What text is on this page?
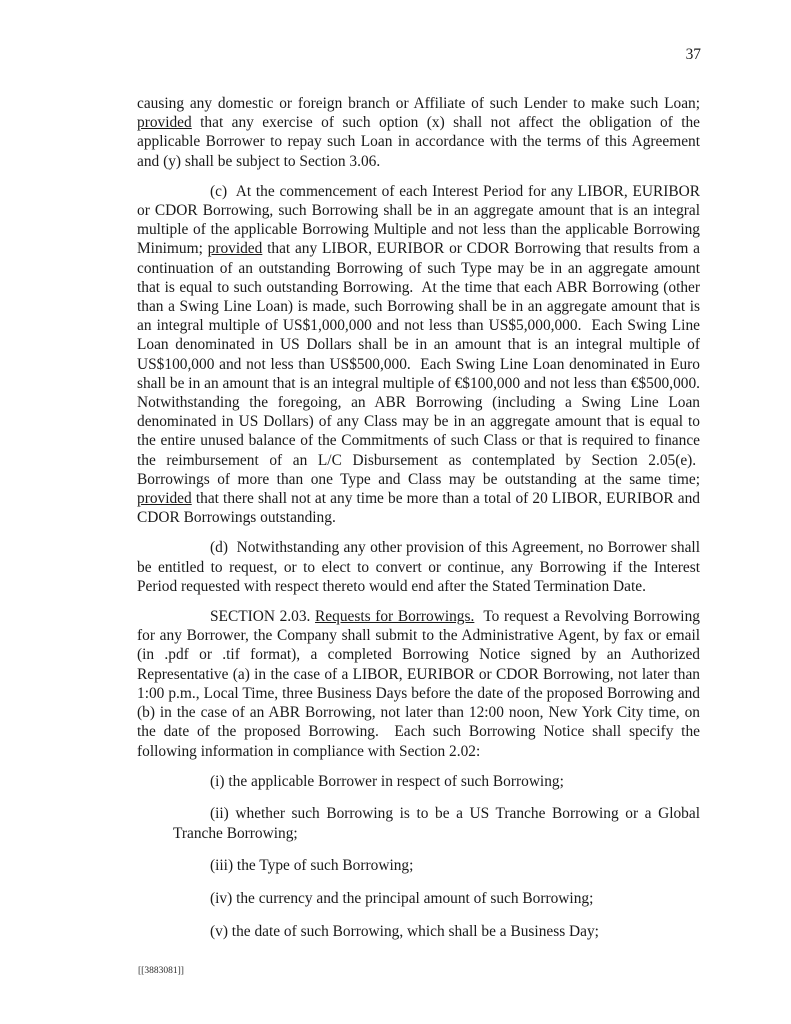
37

causing any domestic or foreign branch or Affiliate of such Lender to make such Loan; provided that any exercise of such option (x) shall not affect the obligation of the applicable Borrower to repay such Loan in accordance with the terms of this Agreement and (y) shall be subject to Section 3.06.

(c)  At the commencement of each Interest Period for any LIBOR, EURIBOR or CDOR Borrowing, such Borrowing shall be in an aggregate amount that is an integral multiple of the applicable Borrowing Multiple and not less than the applicable Borrowing Minimum; provided that any LIBOR, EURIBOR or CDOR Borrowing that results from a continuation of an outstanding Borrowing of such Type may be in an aggregate amount that is equal to such outstanding Borrowing.  At the time that each ABR Borrowing (other than a Swing Line Loan) is made, such Borrowing shall be in an aggregate amount that is an integral multiple of US$1,000,000 and not less than US$5,000,000.  Each Swing Line Loan denominated in US Dollars shall be in an amount that is an integral multiple of US$100,000 and not less than US$500,000.  Each Swing Line Loan denominated in Euro shall be in an amount that is an integral multiple of €$100,000 and not less than €$500,000. Notwithstanding the foregoing, an ABR Borrowing (including a Swing Line Loan denominated in US Dollars) of any Class may be in an aggregate amount that is equal to the entire unused balance of the Commitments of such Class or that is required to finance the reimbursement of an L/C Disbursement as contemplated by Section 2.05(e).  Borrowings of more than one Type and Class may be outstanding at the same time; provided that there shall not at any time be more than a total of 20 LIBOR, EURIBOR and CDOR Borrowings outstanding.

(d)  Notwithstanding any other provision of this Agreement, no Borrower shall be entitled to request, or to elect to convert or continue, any Borrowing if the Interest Period requested with respect thereto would end after the Stated Termination Date.

SECTION 2.03. Requests for Borrowings.  To request a Revolving Borrowing for any Borrower, the Company shall submit to the Administrative Agent, by fax or email (in .pdf or .tif format), a completed Borrowing Notice signed by an Authorized Representative (a) in the case of a LIBOR, EURIBOR or CDOR Borrowing, not later than 1:00 p.m., Local Time, three Business Days before the date of the proposed Borrowing and (b) in the case of an ABR Borrowing, not later than 12:00 noon, New York City time, on the date of the proposed Borrowing.  Each such Borrowing Notice shall specify the following information in compliance with Section 2.02:

(i) the applicable Borrower in respect of such Borrowing;

(ii) whether such Borrowing is to be a US Tranche Borrowing or a Global Tranche Borrowing;

(iii) the Type of such Borrowing;

(iv) the currency and the principal amount of such Borrowing;

(v) the date of such Borrowing, which shall be a Business Day;

[[3883081]]
